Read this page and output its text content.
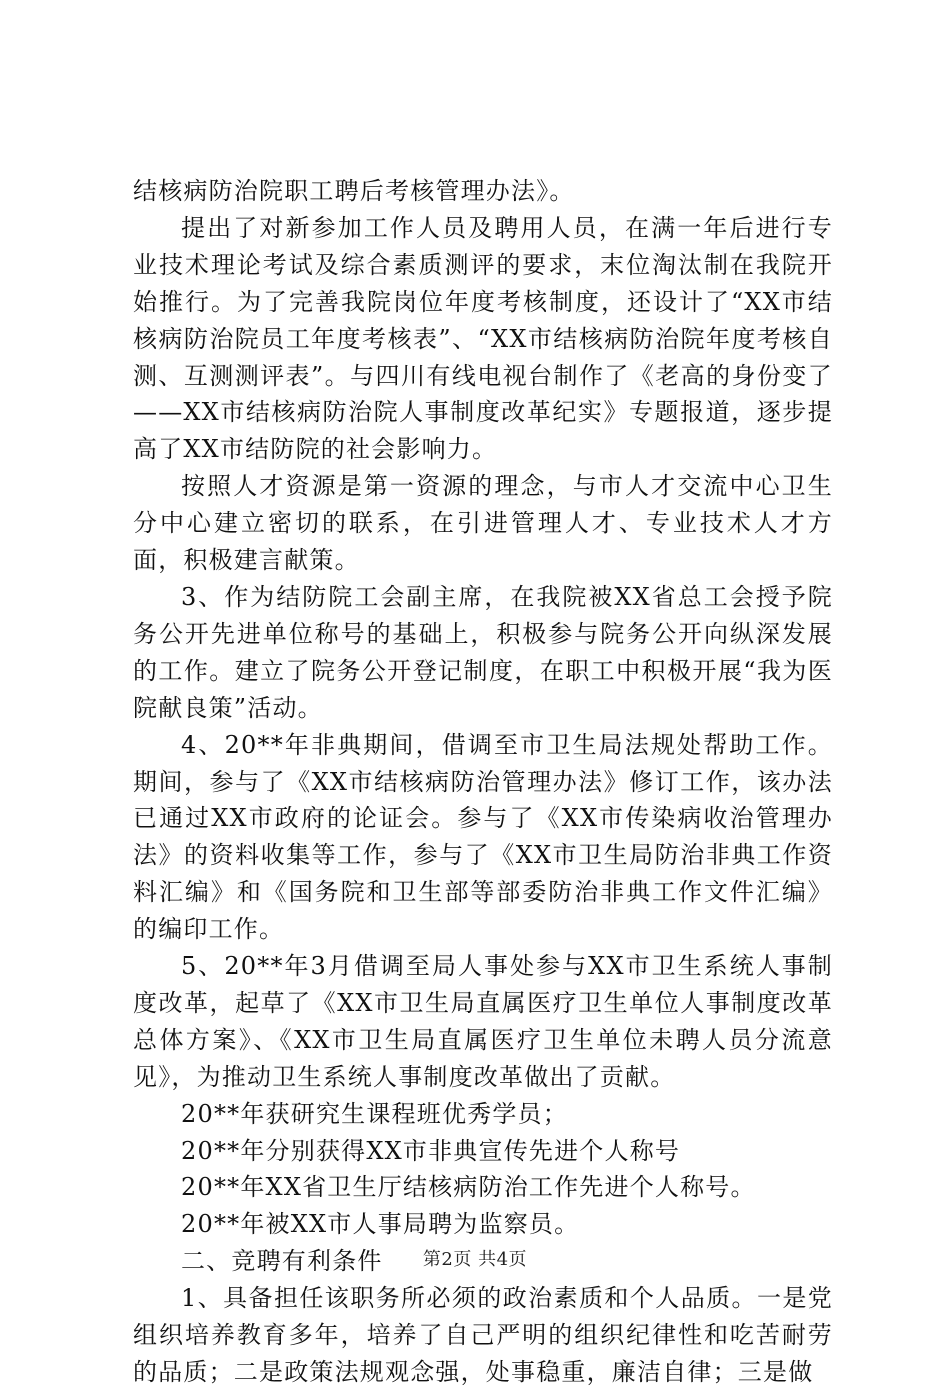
结核病防治院职工聘后考核管理办法》。

提出了对新参加工作人员及聘用人员，在满一年后进行专业技术理论考试及综合素质测评的要求，末位淘汰制在我院开始推行。为了完善我院岗位年度考核制度，还设计了“XX市结核病防治院员工年度考核表”、“XX市结核病防治院年度考核自测、互测测评表”。与四川有线电视台制作了《老高的身份变了——XX市结核病防治院人事制度改革纪实》专题报道，逐步提高了XX市结防院的社会影响力。

按照人才资源是第一资源的理念，与市人才交流中心卫生分中心建立密切的联系，在引进管理人才、专业技术人才方面，积极建言献策。

3、作为结防院工会副主席，在我院被XX省总工会授予院务公开先进单位称号的基础上，积极参与院务公开向纵深发展的工作。建立了院务公开登记制度，在职工中积极开展“我为医院献良策”活动。

4、20**年非典期间，借调至市卫生局法规处帮助工作。期间，参与了《XX市结核病防治管理办法》修订工作，该办法已通过XX市政府的论证会。参与了《XX市传染病收治管理办法》的资料收集等工作，参与了《XX市卫生局防治非典工作资料汇编》和《国务院和卫生部等部委防治非典工作文件汇编》的编印工作。

5、20**年3月借调至局人事处参与XX市卫生系统人事制度改革，起草了《XX市卫生局直属医疗卫生单位人事制度改革总体方案》、《XX市卫生局直属医疗卫生单位未聘人员分流意见》，为推动卫生系统人事制度改革做出了贡献。

20**年获研究生课程班优秀学员；

20**年分别获得XX市非典宣传先进个人称号

20**年XX省卫生厅结核病防治工作先进个人称号。

20**年被XX市人事局聘为监察员。

二、竞聘有利条件

1、具备担任该职务所必须的政治素质和个人品质。一是党组织培养教育多年，培养了自己严明的组织纪律性和吃苦耐劳的品质；二是政策法规观念强，处事稳重，廉洁自律；三是做

第2页 共4页
